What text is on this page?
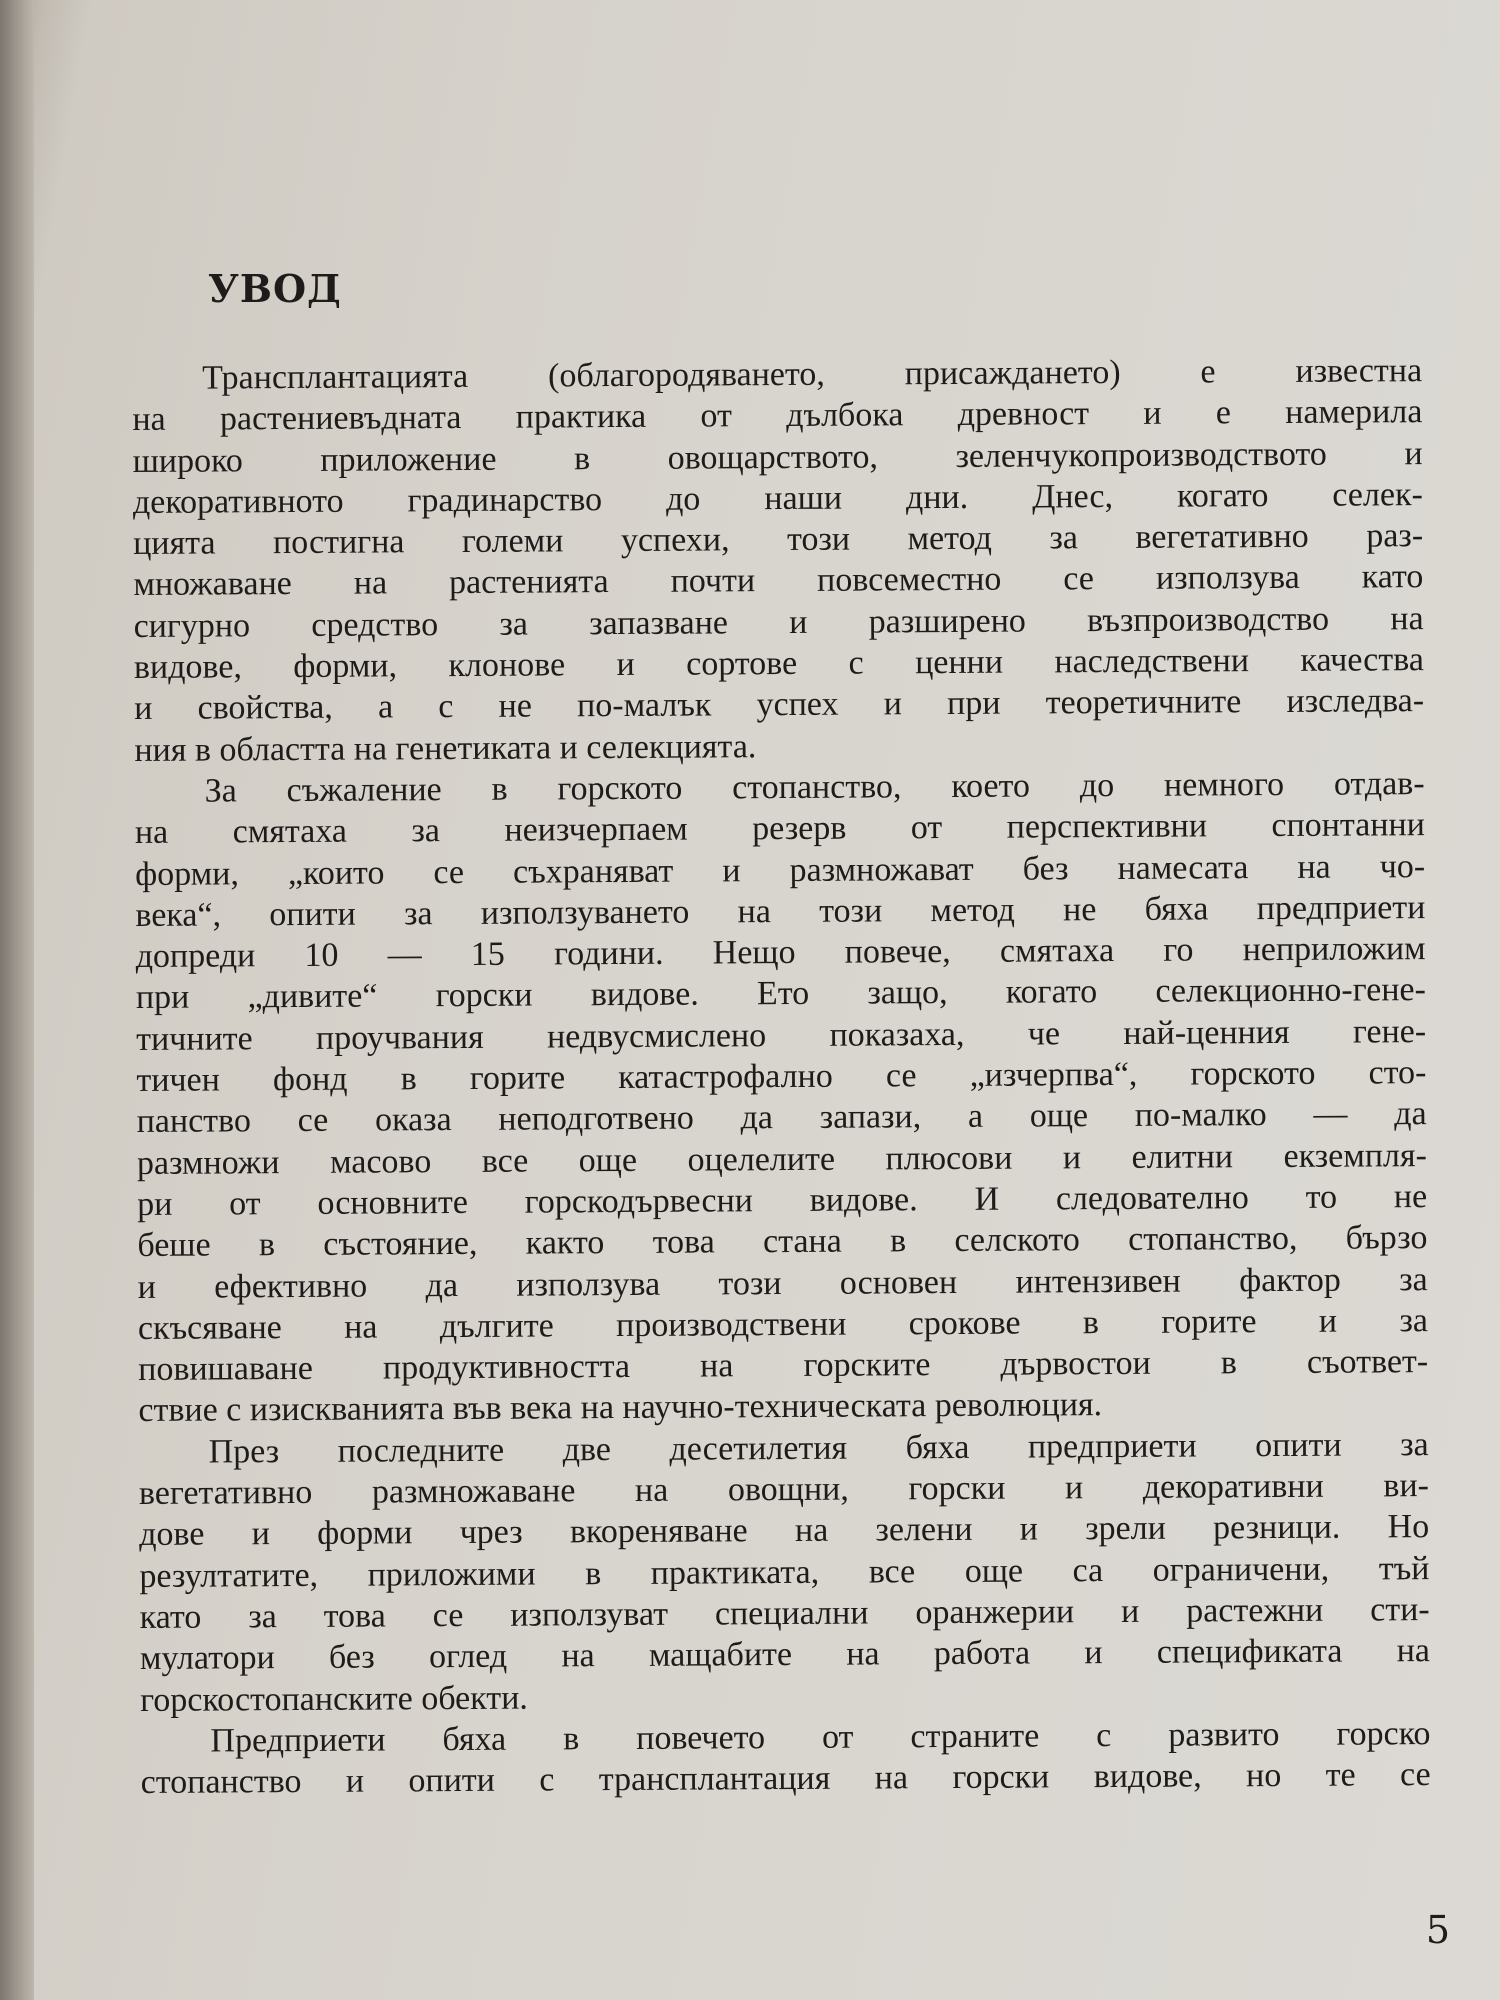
УВОД
Трансплантацията (облагородяването, присаждането) е известна
на растениевъдната практика от дълбока древност и е намерила
широко приложение в овощарството, зеленчукопроизводството и
декоративното градинарство до наши дни. Днес, когато селек-
цията постигна големи успехи, този метод за вегетативно раз-
множаване на растенията почти повсеместно се използува като
сигурно средство за запазване и разширено възпроизводство на
видове, форми, клонове и сортове с ценни наследствени качества
и свойства, а с не по-малък успех и при теоретичните изследва-
ния в областта на генетиката и селекцията.
За съжаление в горското стопанство, което до немного отдав-
на смятаха за неизчерпаем резерв от перспективни спонтанни
форми, „които се съхраняват и размножават без намесата на чо-
века“, опити за използуването на този метод не бяха предприети
допреди 10 — 15 години. Нещо повече, смятаха го неприложим
при „дивите“ горски видове. Ето защо, когато селекционно-гене-
тичните проучвания недвусмислено показаха, че най-ценния гене-
тичен фонд в горите катастрофално се „изчерпва“, горското сто-
панство се оказа неподготвено да запази, а още по-малко — да
размножи масово все още оцелелите плюсови и елитни екземпля-
ри от основните горскодървесни видове. И следователно то не
беше в състояние, както това стана в селското стопанство, бързо
и ефективно да използува този основен интензивен фактор за
скъсяване на дългите производствени срокове в горите и за
повишаване продуктивността на горските дървостои в съответ-
ствие с изискванията във века на научно-техническата революция.
През последните две десетилетия бяха предприети опити за
вегетативно размножаване на овощни, горски и декоративни ви-
дове и форми чрез вкореняване на зелени и зрели резници. Но
резултатите, приложими в практиката, все още са ограничени, тъй
като за това се използуват специални оранжерии и растежни сти-
мулатори без оглед на мащабите на работа и спецификата на
горскостопанските обекти.
Предприети бяха в повечето от страните с развито горско
стопанство и опити с трансплантация на горски видове, но те се
5
